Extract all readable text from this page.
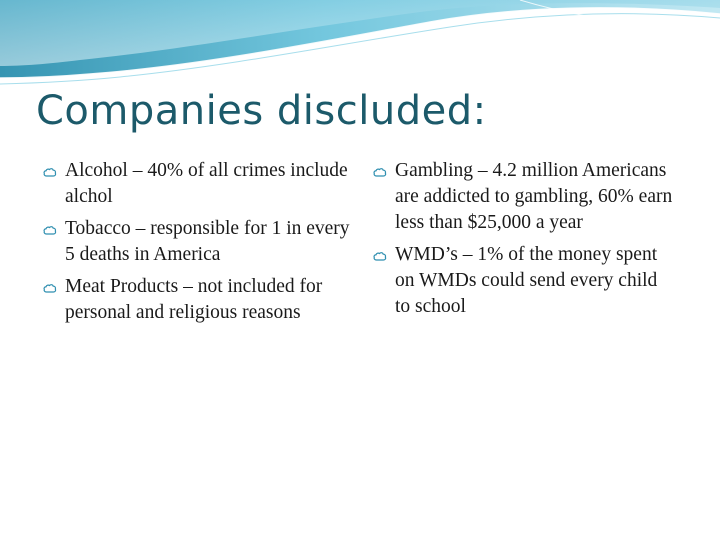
Companies discluded:
Alcohol – 40% of all crimes include alchol
Tobacco – responsible for 1 in every 5 deaths in America
Meat Products – not included for personal and religious reasons
Gambling – 4.2 million Americans are addicted to gambling, 60% earn less than $25,000 a year
WMD’s – 1% of the money spent on WMDs could send every child to school
